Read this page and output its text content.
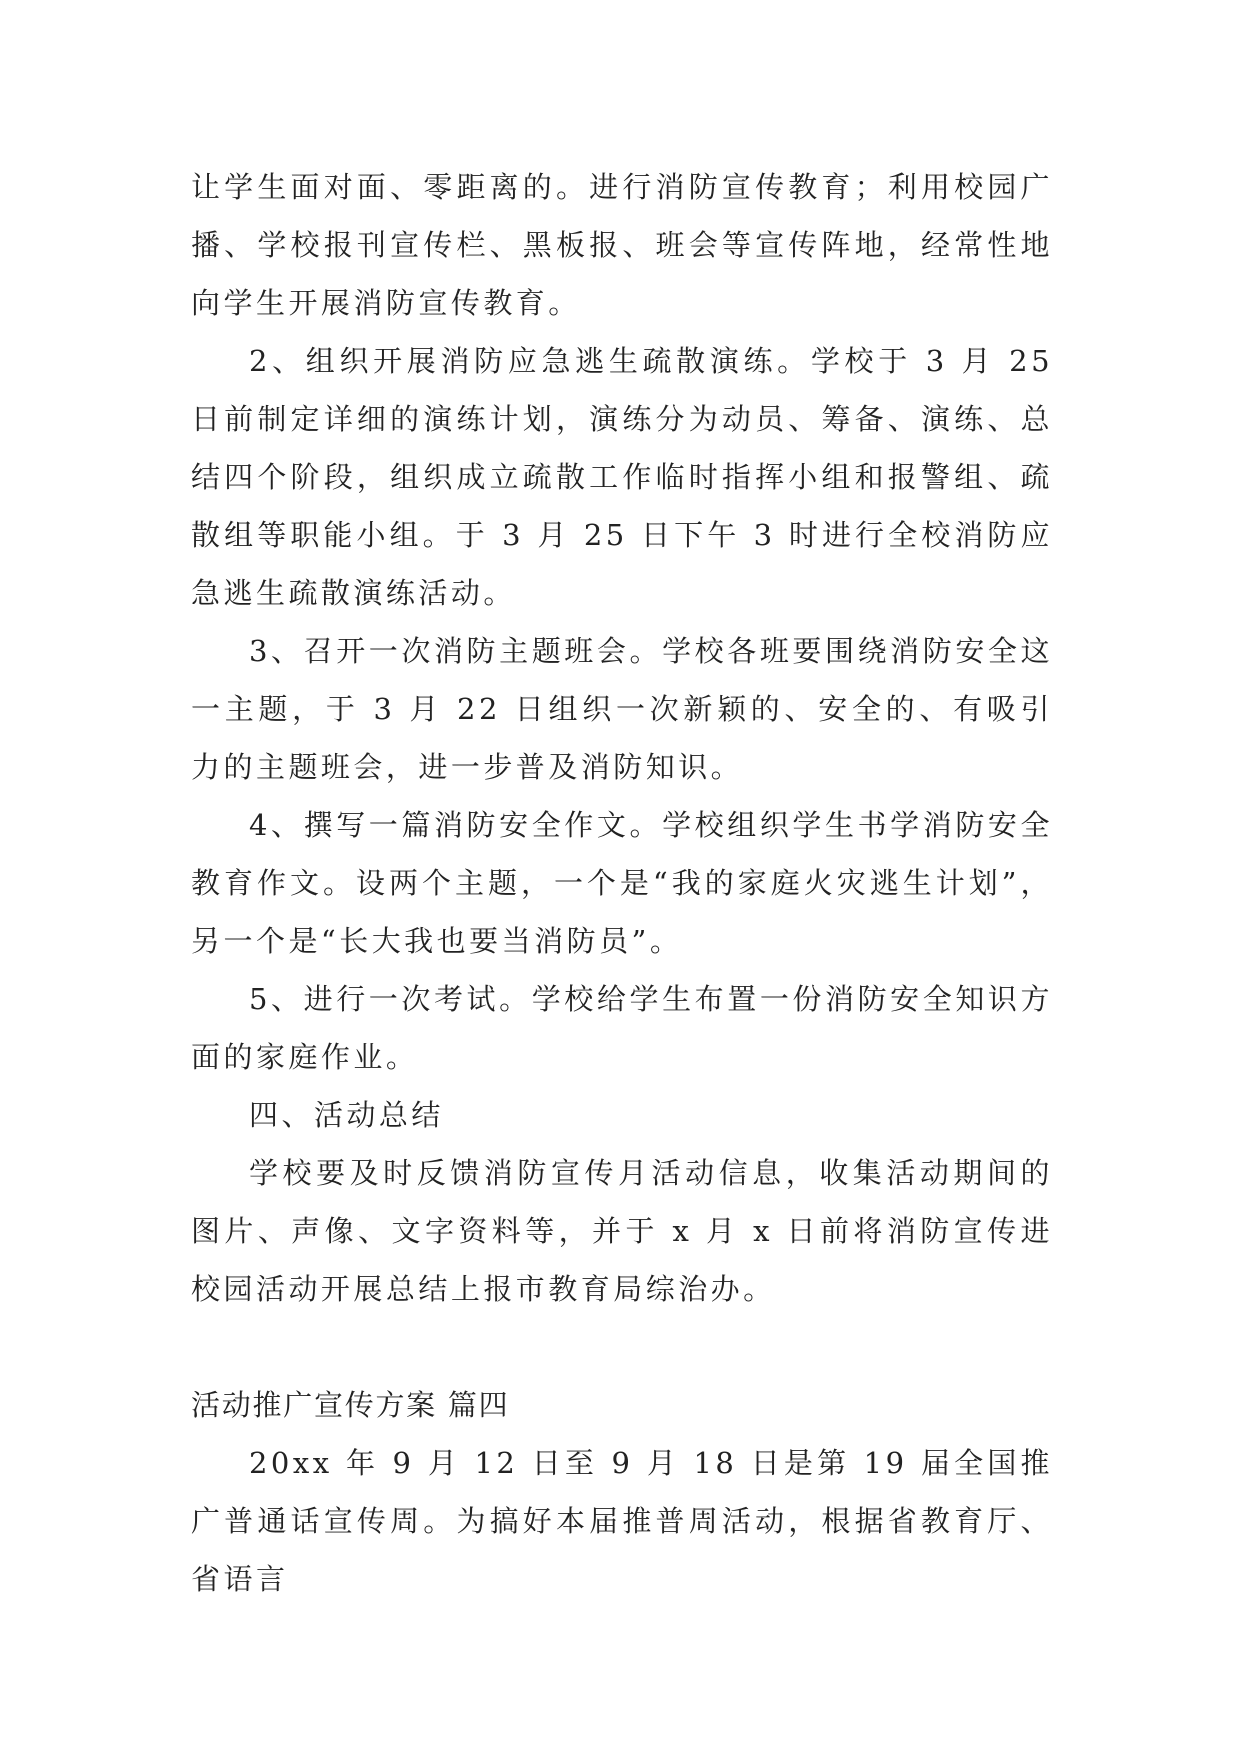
让学生面对面、零距离的。进行消防宣传教育；利用校园广播、学校报刊宣传栏、黑板报、班会等宣传阵地，经常性地向学生开展消防宣传教育。

2、组织开展消防应急逃生疏散演练。学校于 3 月 25 日前制定详细的演练计划，演练分为动员、筹备、演练、总结四个阶段，组织成立疏散工作临时指挥小组和报警组、疏散组等职能小组。于 3 月 25 日下午 3 时进行全校消防应急逃生疏散演练活动。

3、召开一次消防主题班会。学校各班要围绕消防安全这一主题，于 3 月 22 日组织一次新颖的、安全的、有吸引力的主题班会，进一步普及消防知识。

4、撰写一篇消防安全作文。学校组织学生书学消防安全教育作文。设两个主题，一个是“我的家庭火灾逃生计划”，另一个是“长大我也要当消防员”。

5、进行一次考试。学校给学生布置一份消防安全知识方面的家庭作业。

四、活动总结

学校要及时反馈消防宣传月活动信息，收集活动期间的图片、声像、文字资料等，并于 x 月 x 日前将消防宣传进校园活动开展总结上报市教育局综治办。

活动推广宣传方案 篇四

20xx 年 9 月 12 日至 9 月 18 日是第 19 届全国推广普通话宣传周。为搞好本届推普周活动，根据省教育厅、省语言
